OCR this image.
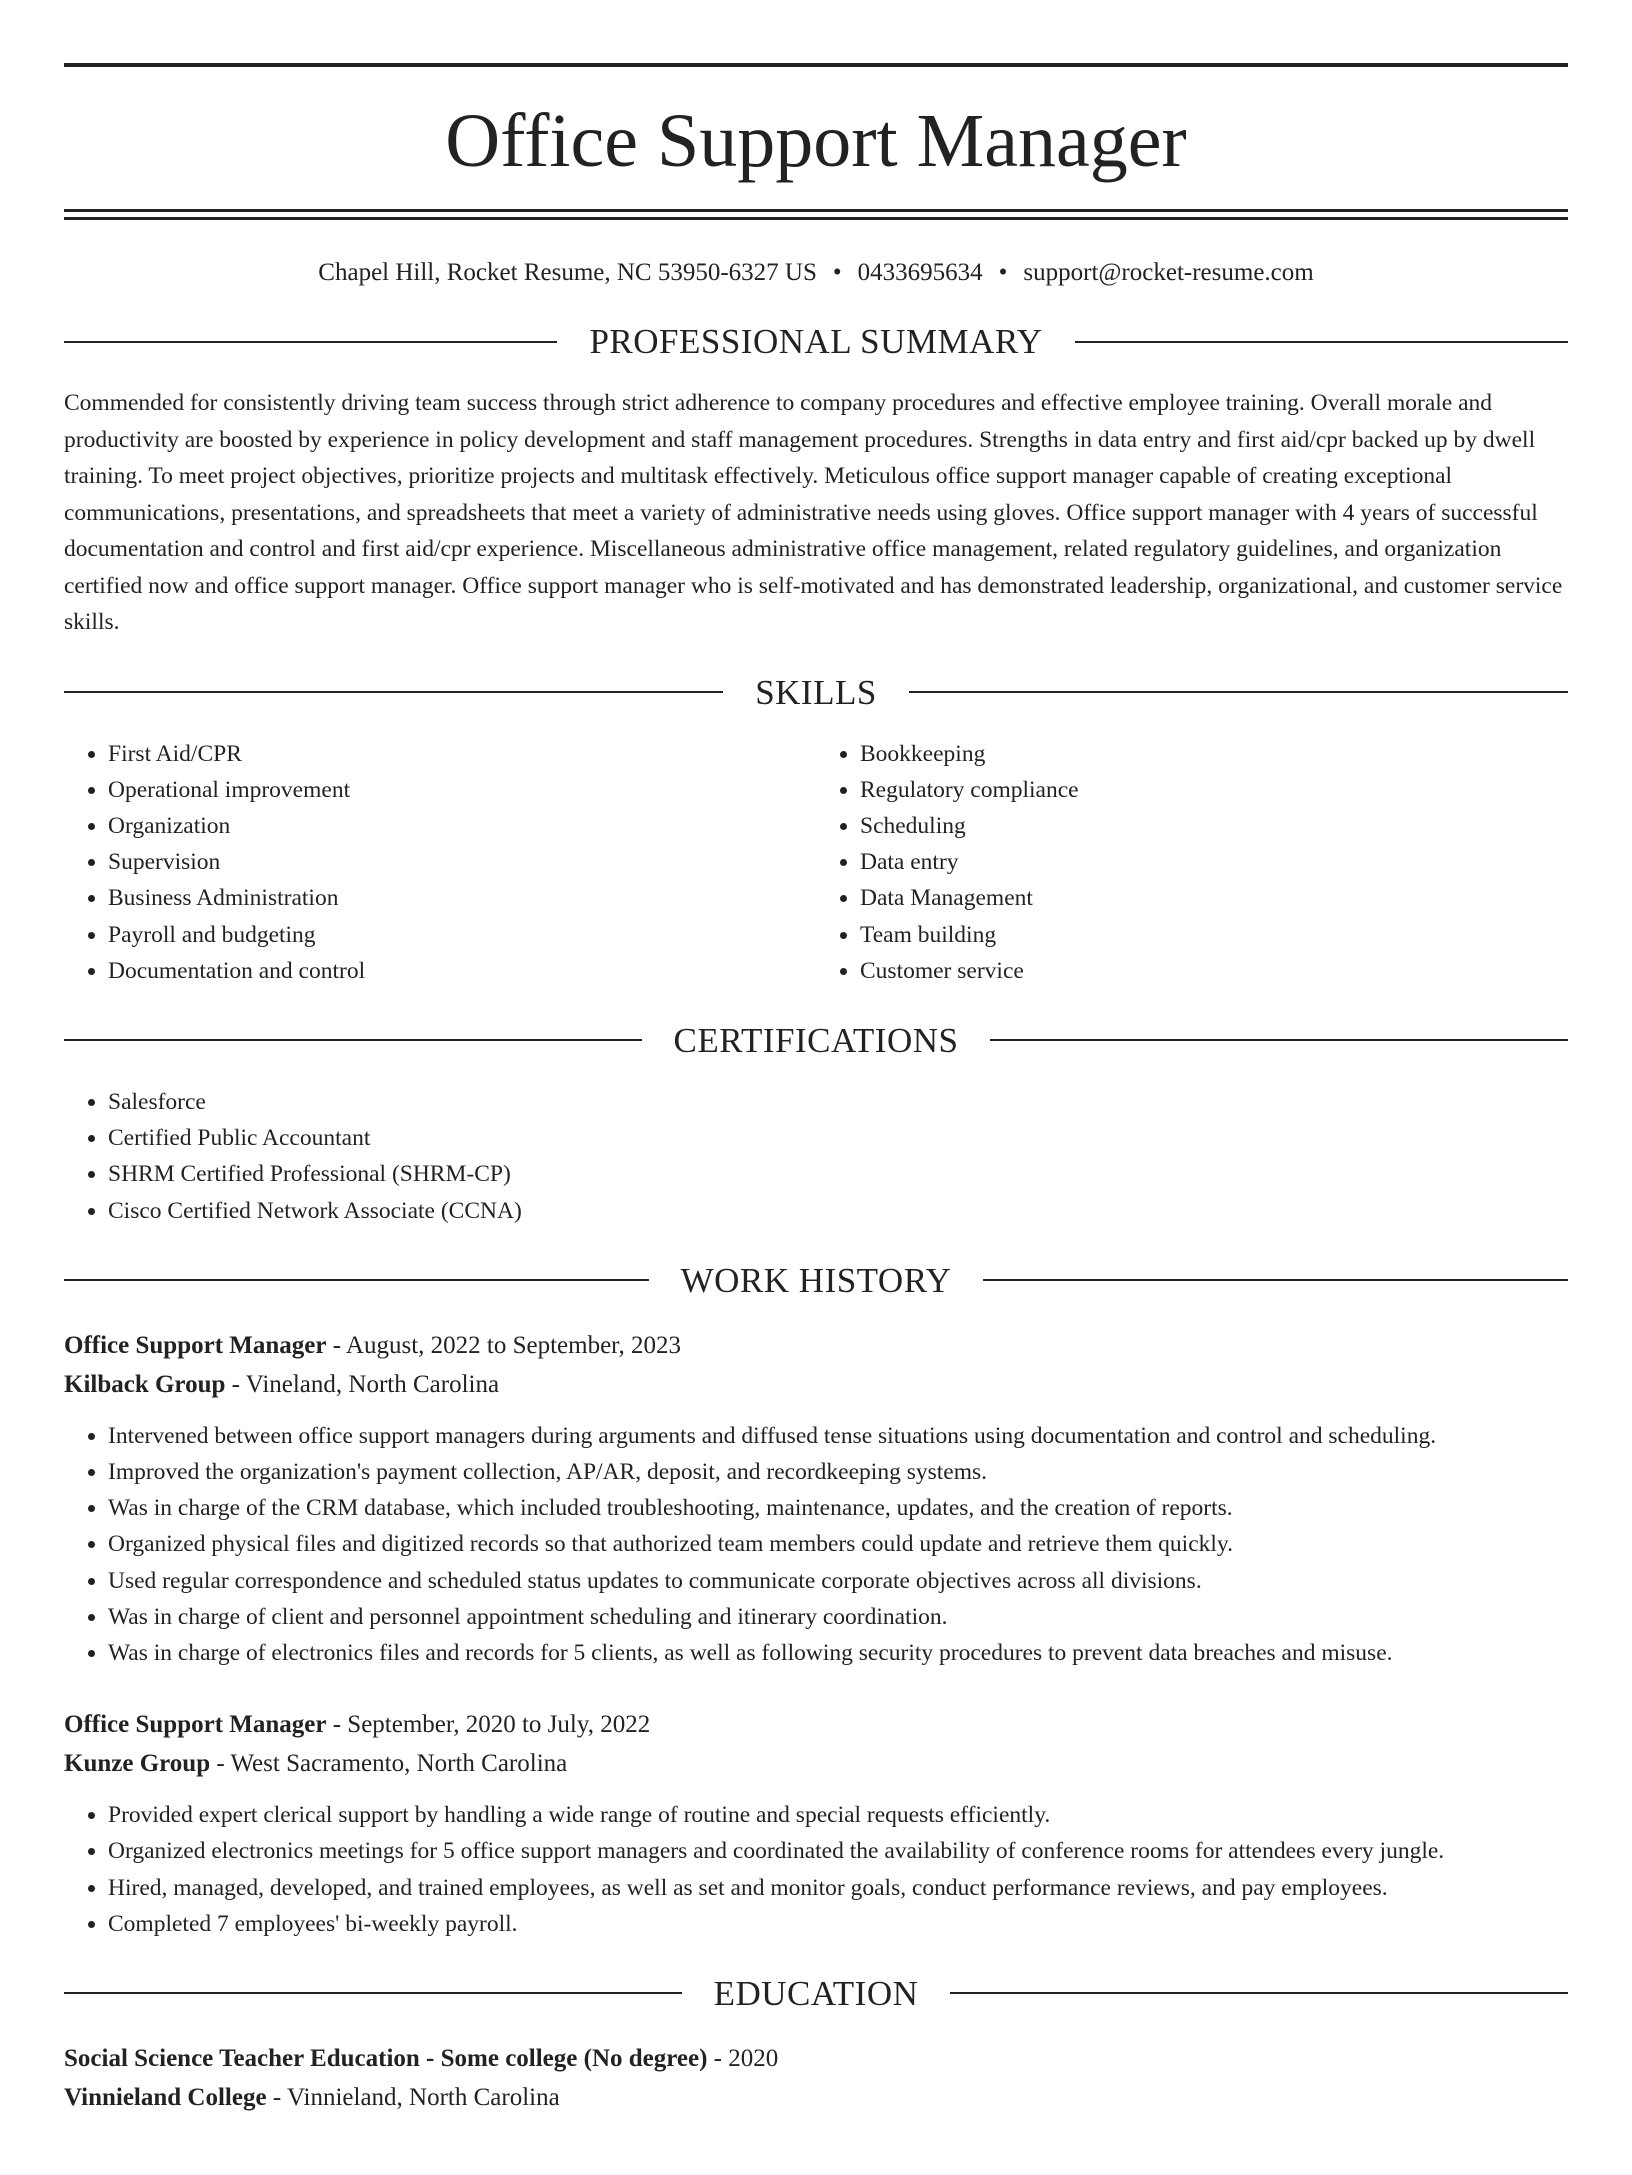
Office Support Manager
Chapel Hill, Rocket Resume, NC 53950-6327 US • 0433695634 • support@rocket-resume.com
PROFESSIONAL SUMMARY
Commended for consistently driving team success through strict adherence to company procedures and effective employee training. Overall morale and productivity are boosted by experience in policy development and staff management procedures. Strengths in data entry and first aid/cpr backed up by dwell training. To meet project objectives, prioritize projects and multitask effectively. Meticulous office support manager capable of creating exceptional communications, presentations, and spreadsheets that meet a variety of administrative needs using gloves. Office support manager with 4 years of successful documentation and control and first aid/cpr experience. Miscellaneous administrative office management, related regulatory guidelines, and organization certified now and office support manager. Office support manager who is self-motivated and has demonstrated leadership, organizational, and customer service skills.
SKILLS
• First Aid/CPR
• Operational improvement
• Organization
• Supervision
• Business Administration
• Payroll and budgeting
• Documentation and control
• Bookkeeping
• Regulatory compliance
• Scheduling
• Data entry
• Data Management
• Team building
• Customer service
CERTIFICATIONS
• Salesforce
• Certified Public Accountant
• SHRM Certified Professional (SHRM-CP)
• Cisco Certified Network Associate (CCNA)
WORK HISTORY
Office Support Manager - August, 2022 to September, 2023
Kilback Group - Vineland, North Carolina
• Intervened between office support managers during arguments and diffused tense situations using documentation and control and scheduling.
• Improved the organization's payment collection, AP/AR, deposit, and recordkeeping systems.
• Was in charge of the CRM database, which included troubleshooting, maintenance, updates, and the creation of reports.
• Organized physical files and digitized records so that authorized team members could update and retrieve them quickly.
• Used regular correspondence and scheduled status updates to communicate corporate objectives across all divisions.
• Was in charge of client and personnel appointment scheduling and itinerary coordination.
• Was in charge of electronics files and records for 5 clients, as well as following security procedures to prevent data breaches and misuse.
Office Support Manager - September, 2020 to July, 2022
Kunze Group - West Sacramento, North Carolina
• Provided expert clerical support by handling a wide range of routine and special requests efficiently.
• Organized electronics meetings for 5 office support managers and coordinated the availability of conference rooms for attendees every jungle.
• Hired, managed, developed, and trained employees, as well as set and monitor goals, conduct performance reviews, and pay employees.
• Completed 7 employees' bi-weekly payroll.
EDUCATION
Social Science Teacher Education - Some college (No degree) - 2020
Vinnieland College - Vinnieland, North Carolina
